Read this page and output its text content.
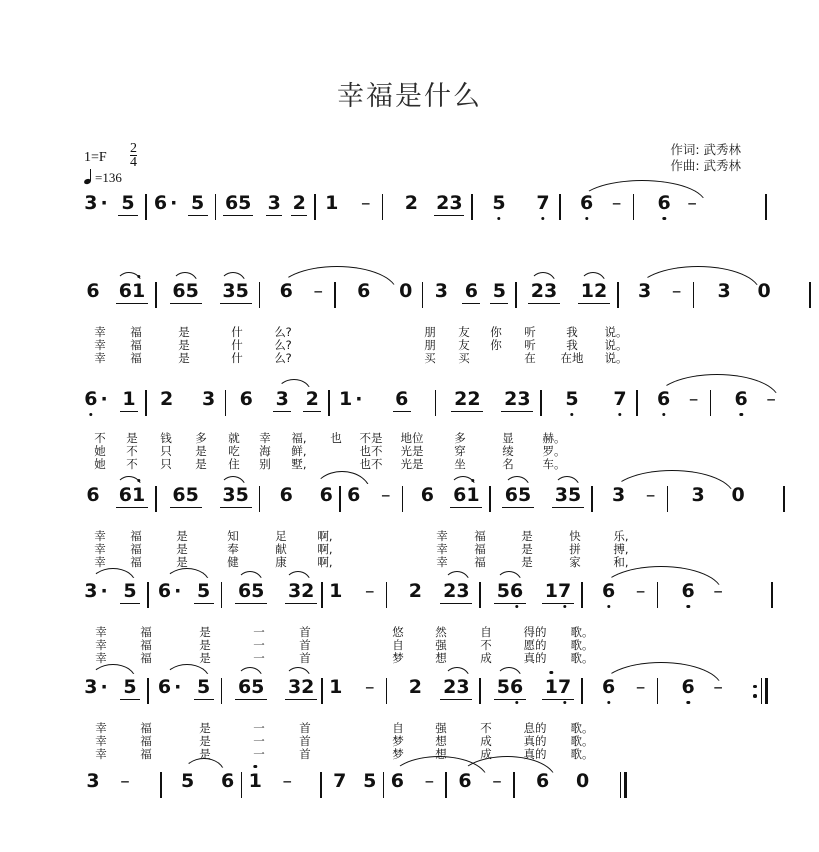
幸福是什么
作词: 武秀林
作曲: 武秀林
$1=F \frac{2}{4}$
=136
3 · 5 6 · 5 65 3 2 1 – 2 23 5 7 6 – 6 –
6 61 65 35 6 – 6 0 3 6 5 23 12 3 – 3 0
幸
幸
幸
福
福
福
是
是
是
什
什
什
么?
么?
么?
朋
朋
买
友
友
买
你
你
听
听
在
我
我
在地
说。
说。
说。
6 · 1 2 3 6 3 2 1 · 6 22 23 5 7 6 – 6 –
不
她
她
是
不
不
钱
只
只
多
是
是
就
吃
住
幸
海
别
福,
鲜,
墅,
也	不是
也不
也不
地位
光是
光是
多
穿
坐
显
绫
名
赫。
罗。
车。
6 61 65 35 6 6 6 – 6 61 65 35 3 – 3 0
幸
幸
幸
福
福
福
是
是
是
知
奉
健
足
献
康
啊,
啊,
啊,
幸
幸
幸
福
福
福
是
是
是
快
拼
家
乐,
搏,
和,
3 · 5 6 · 5 65 32 1 – 2 23 56 17 6 – 6 –
幸
幸
幸
福
福
福
是
是
是
一
一
一
首
首
首
悠
自
梦
然
强
想
自
不
成
得的
愿的
真的
歌。
歌。
歌。
3 · 5 6 · 5 65 32 1 – 2 23 56 17 6 – 6 –
幸
幸
幸
福
福
福
是
是
是
一
一
一
首
首
首
自
梦
梦
强
想
想
不
成
成
息的
真的
真的
歌。
歌。
歌。
3 –	5 6 1 – 7 5 6 – 6 – 6 0
